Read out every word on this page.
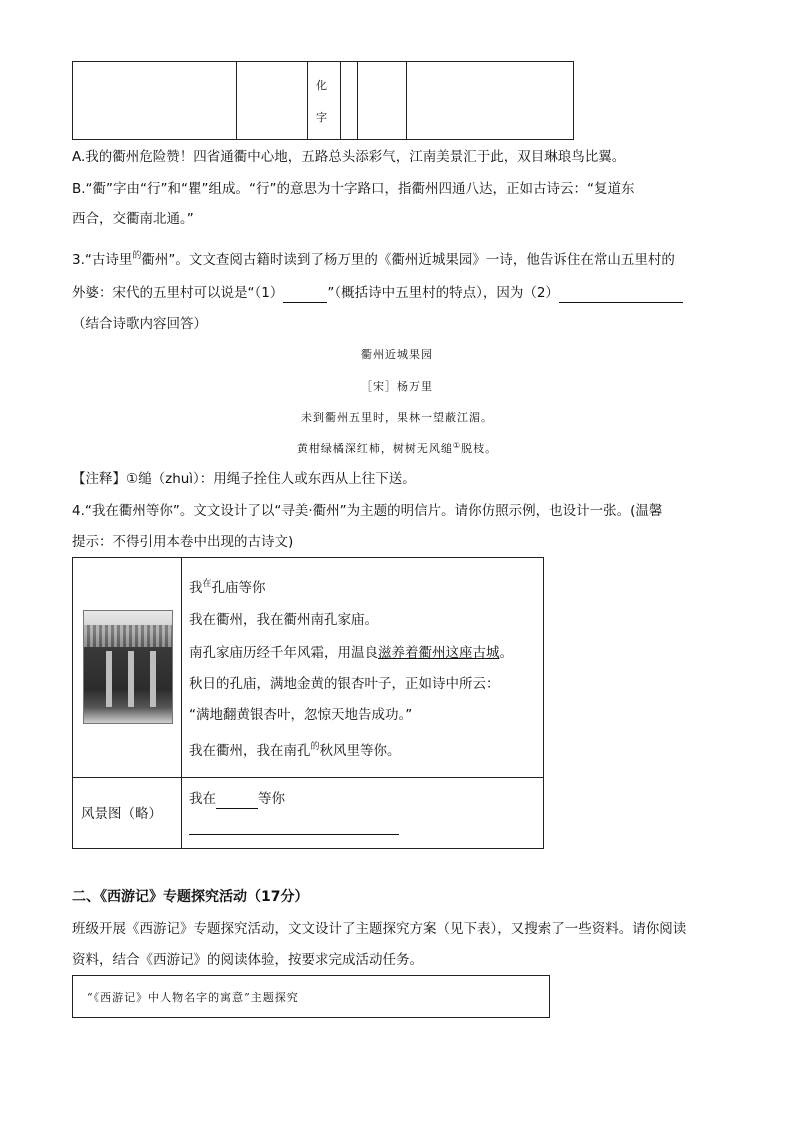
化
字
A.我的衢州危险赞！四省通衢中心地，五路总头添彩气，江南美景汇于此，双目琳琅鸟比翼。
B.“衢”字由“行”和“瞿”组成。“行”的意思为十字路口，指衢州四通八达，正如古诗云：“复道东
西合，交衢南北通。”
3.“古诗里$^的$衢州”。文文查阅古籍时读到了杨万里的《衢州近城果园》一诗，他告诉住在常山五里村的
外婆：宋代的五里村可以说是“（1）	”（概括诗中五里村的特点），因为（2）
（结合诗歌内容回答）
衢州近城果园
［宋］杨万里
未到衢州五里时，果林一望蔽江湄。
黄柑绿橘深红柿，树树无风缒①脱枝。
【注释】①缒（zhuì）：用绳子拴住人或东西从上往下送。
4.“我在衢州等你”。文文设计了以“寻美·衢州”为主题的明信片。请你仿照示例，也设计一张。(温馨
提示：不得引用本卷中出现的古诗文)
我$^在$孔庙等你
我在衢州，我在衢州南孔家庙。
南孔家庙历经千年风霜，用温良滋养着衢州这座古城。
秋日的孔庙，满地金黄的银杏叶子，正如诗中所云：
“满地翻黄银杏叶，忽惊天地告成功。”
我在衢州，我在南孔$^的$秋风里等你。
风景图（略）
我在	等你
二、《西游记》专题探究活动（17分）
班级开展《西游记》专题探究活动，文文设计了主题探究方案（见下表），又搜索了一些资料。请你阅读
资料，结合《西游记》的阅读体验，按要求完成活动任务。
“《西游记》中人物名字的寓意”主题探究
